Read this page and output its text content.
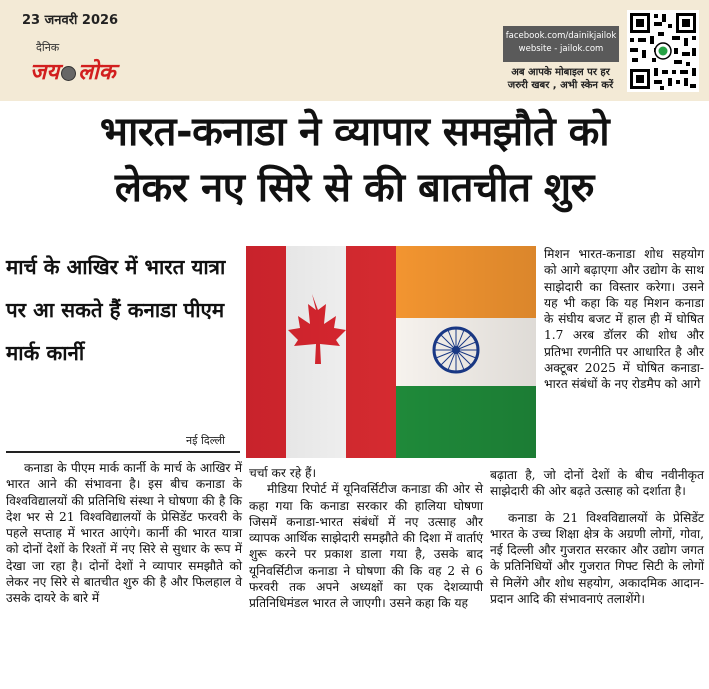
23 जनवरी 2026
दैनिक
जय लोक
facebook.com/dainikjailok
website - jailok.com
अब आपके मोबाइल पर हर
जरुरी खबर , अभी स्केन करें
भारत-कनाडा ने व्यापार समझौते को
लेकर नए सिरे से की बातचीत शुरु
मार्च के आखिर में भारत यात्रा पर आ सकते हैं कनाडा पीएम मार्क कार्नी
नई दिल्ली
कनाडा के पीएम मार्क कार्नी के मार्च के आखिर में भारत आने की संभावना है। इस बीच कनाडा के विश्वविद्यालयों की प्रतिनिधि संस्था ने घोषणा की है कि देश भर से 21 विश्वविद्यालयों के प्रेसिडेंट फरवरी के पहले सप्ताह में भारत आएंगे। कार्नी की भारत यात्रा को दोनों देशों के रिश्तों में नए सिरे से सुधार के रूप में देखा जा रहा है। दोनों देशों ने व्यापार समझौते को लेकर नए सिरे से बातचीत शुरु की है और फिलहाल वे उसके दायरे के बारे में

चर्चा कर रहे हैं।

मीडिया रिपोर्ट में यूनिवर्सिटीज कनाडा की ओर से कहा गया कि कनाडा सरकार की हालिया घोषणा जिसमें कनाडा-भारत संबंधों में नए उत्साह और व्यापक आर्थिक साझेदारी समझौते की दिशा में वार्ताएं शुरू करने पर प्रकाश डाला गया है, उसके बाद यूनिवर्सिटीज कनाडा ने घोषणा की कि वह 2 से 6 फरवरी तक अपने अध्यक्षों का एक देशव्यापी प्रतिनिधिमंडल भारत ले जाएगी। उसने कहा कि यह

मिशन भारत-कनाडा शोध सहयोग को आगे बढ़ाएगा और उद्योग के साथ साझेदारी का विस्तार करेगा। उसने यह भी कहा कि यह मिशन कनाडा के संघीय बजट में हाल ही में घोषित 1.7 अरब डॉलर की शोध और प्रतिभा रणनीति पर आधारित है और अक्टूबर 2025 में घोषित कनाडा-भारत संबंधों के नए रोडमैप को आगे

बढ़ाता है, जो दोनों देशों के बीच नवीनीकृत साझेदारी की ओर बढ़ते उत्साह को दर्शाता है।

कनाडा के 21 विश्वविद्यालयों के प्रेसिडेंट भारत के उच्च शिक्षा क्षेत्र के अग्रणी लोगों, गोवा, नई दिल्ली और गुजरात सरकार और उद्योग जगत के प्रतिनिधियों और गुजरात गिफ्ट सिटी के लोगों से मिलेंगे और शोध सहयोग, अकादमिक आदान-प्रदान आदि की संभावनाएं तलाशेंगे।
